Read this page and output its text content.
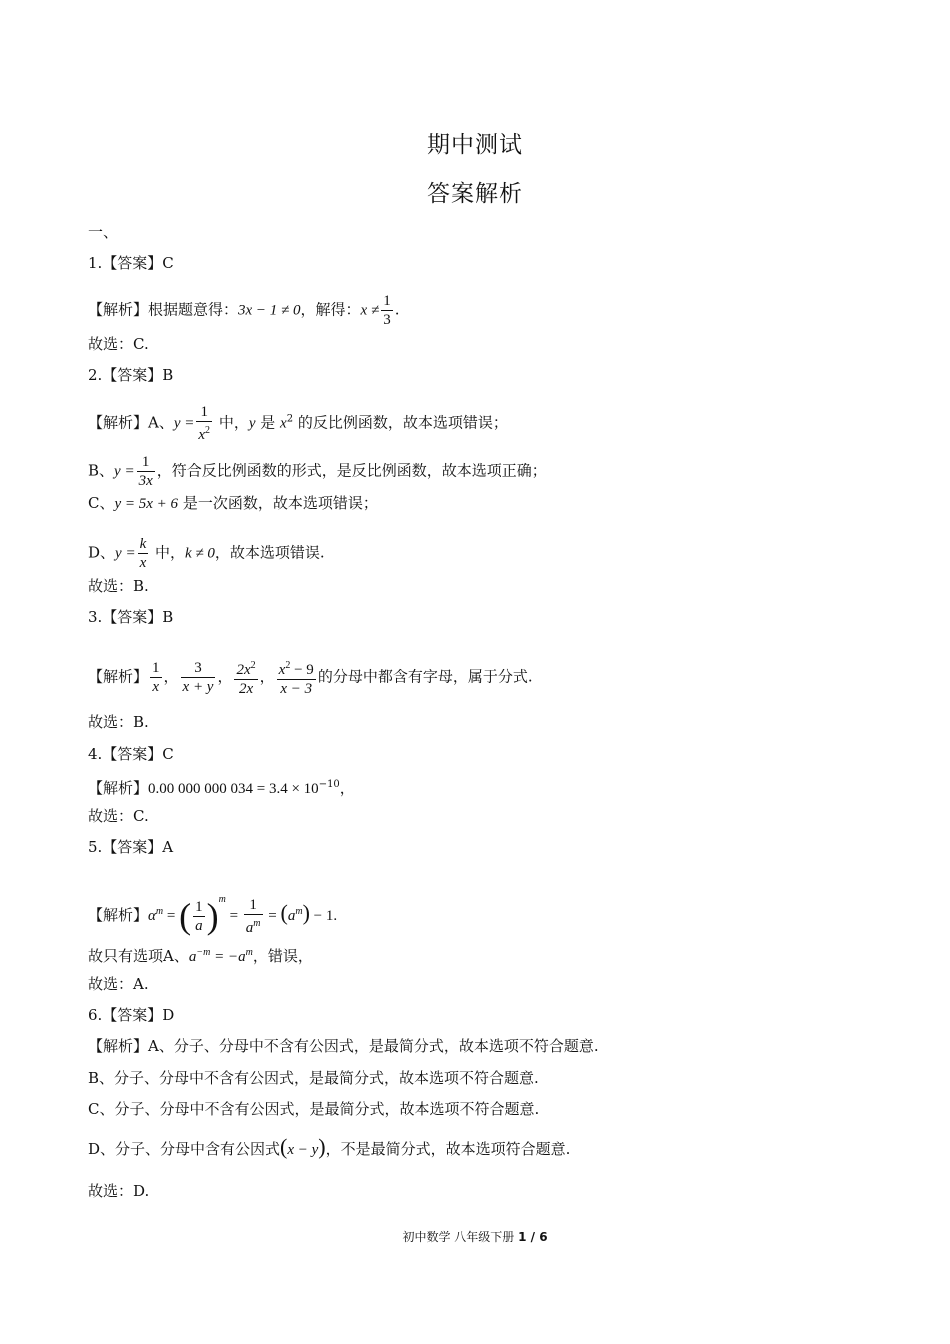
期中测试
答案解析
一、
1.【答案】C
【解析】根据题意得：3x − 1 ≠ 0，解得：$x \ne \frac{1}{3}$ .
故选：C.
2.【答案】B
【解析】A、$y = \frac{1}{x^2}$ 中，y 是 $x^2$ 的反比例函数，故本选项错误；
B、$y = \frac{1}{3x}$ ，符合反比例函数的形式，是反比例函数，故本选项正确；
C、y = 5x + 6 是一次函数，故本选项错误；
D、$y = \frac{k}{x}$ 中，k ≠ 0，故本选项错误.
故选：B.
3.【答案】B
【解析】 $\frac{1}{x}$ ， $\frac{3}{x + y}$ ， $\frac{2x^2}{2x}$ ， $\frac{x^2 - 9}{x - 3}$ 的分母中都含有字母，属于分式.
故选：B.
4.【答案】C
【解析】0.00 000 000 $034 = 3.4 \times 10^{-10}$，
故选：C.
5.【答案】A
【解析】$\alpha^m$ = ( $\frac{1}{a} )^m = \frac{1}{a^m} = (a^m) - 1$.
故只有选项A、$a^{-m} = -a^m$，错误，
故选：A.
6.【答案】D
【解析】A、分子、分母中不含有公因式，是最简分式，故本选项不符合题意.
B、分子、分母中不含有公因式，是最简分式，故本选项不符合题意.
C、分子、分母中不含有公因式，是最简分式，故本选项不符合题意.
D、分子、分母中含有公因式(x − y)，不是最简分式，故本选项符合题意.
故选：D.
初中数学 八年级下册 1 / 6
